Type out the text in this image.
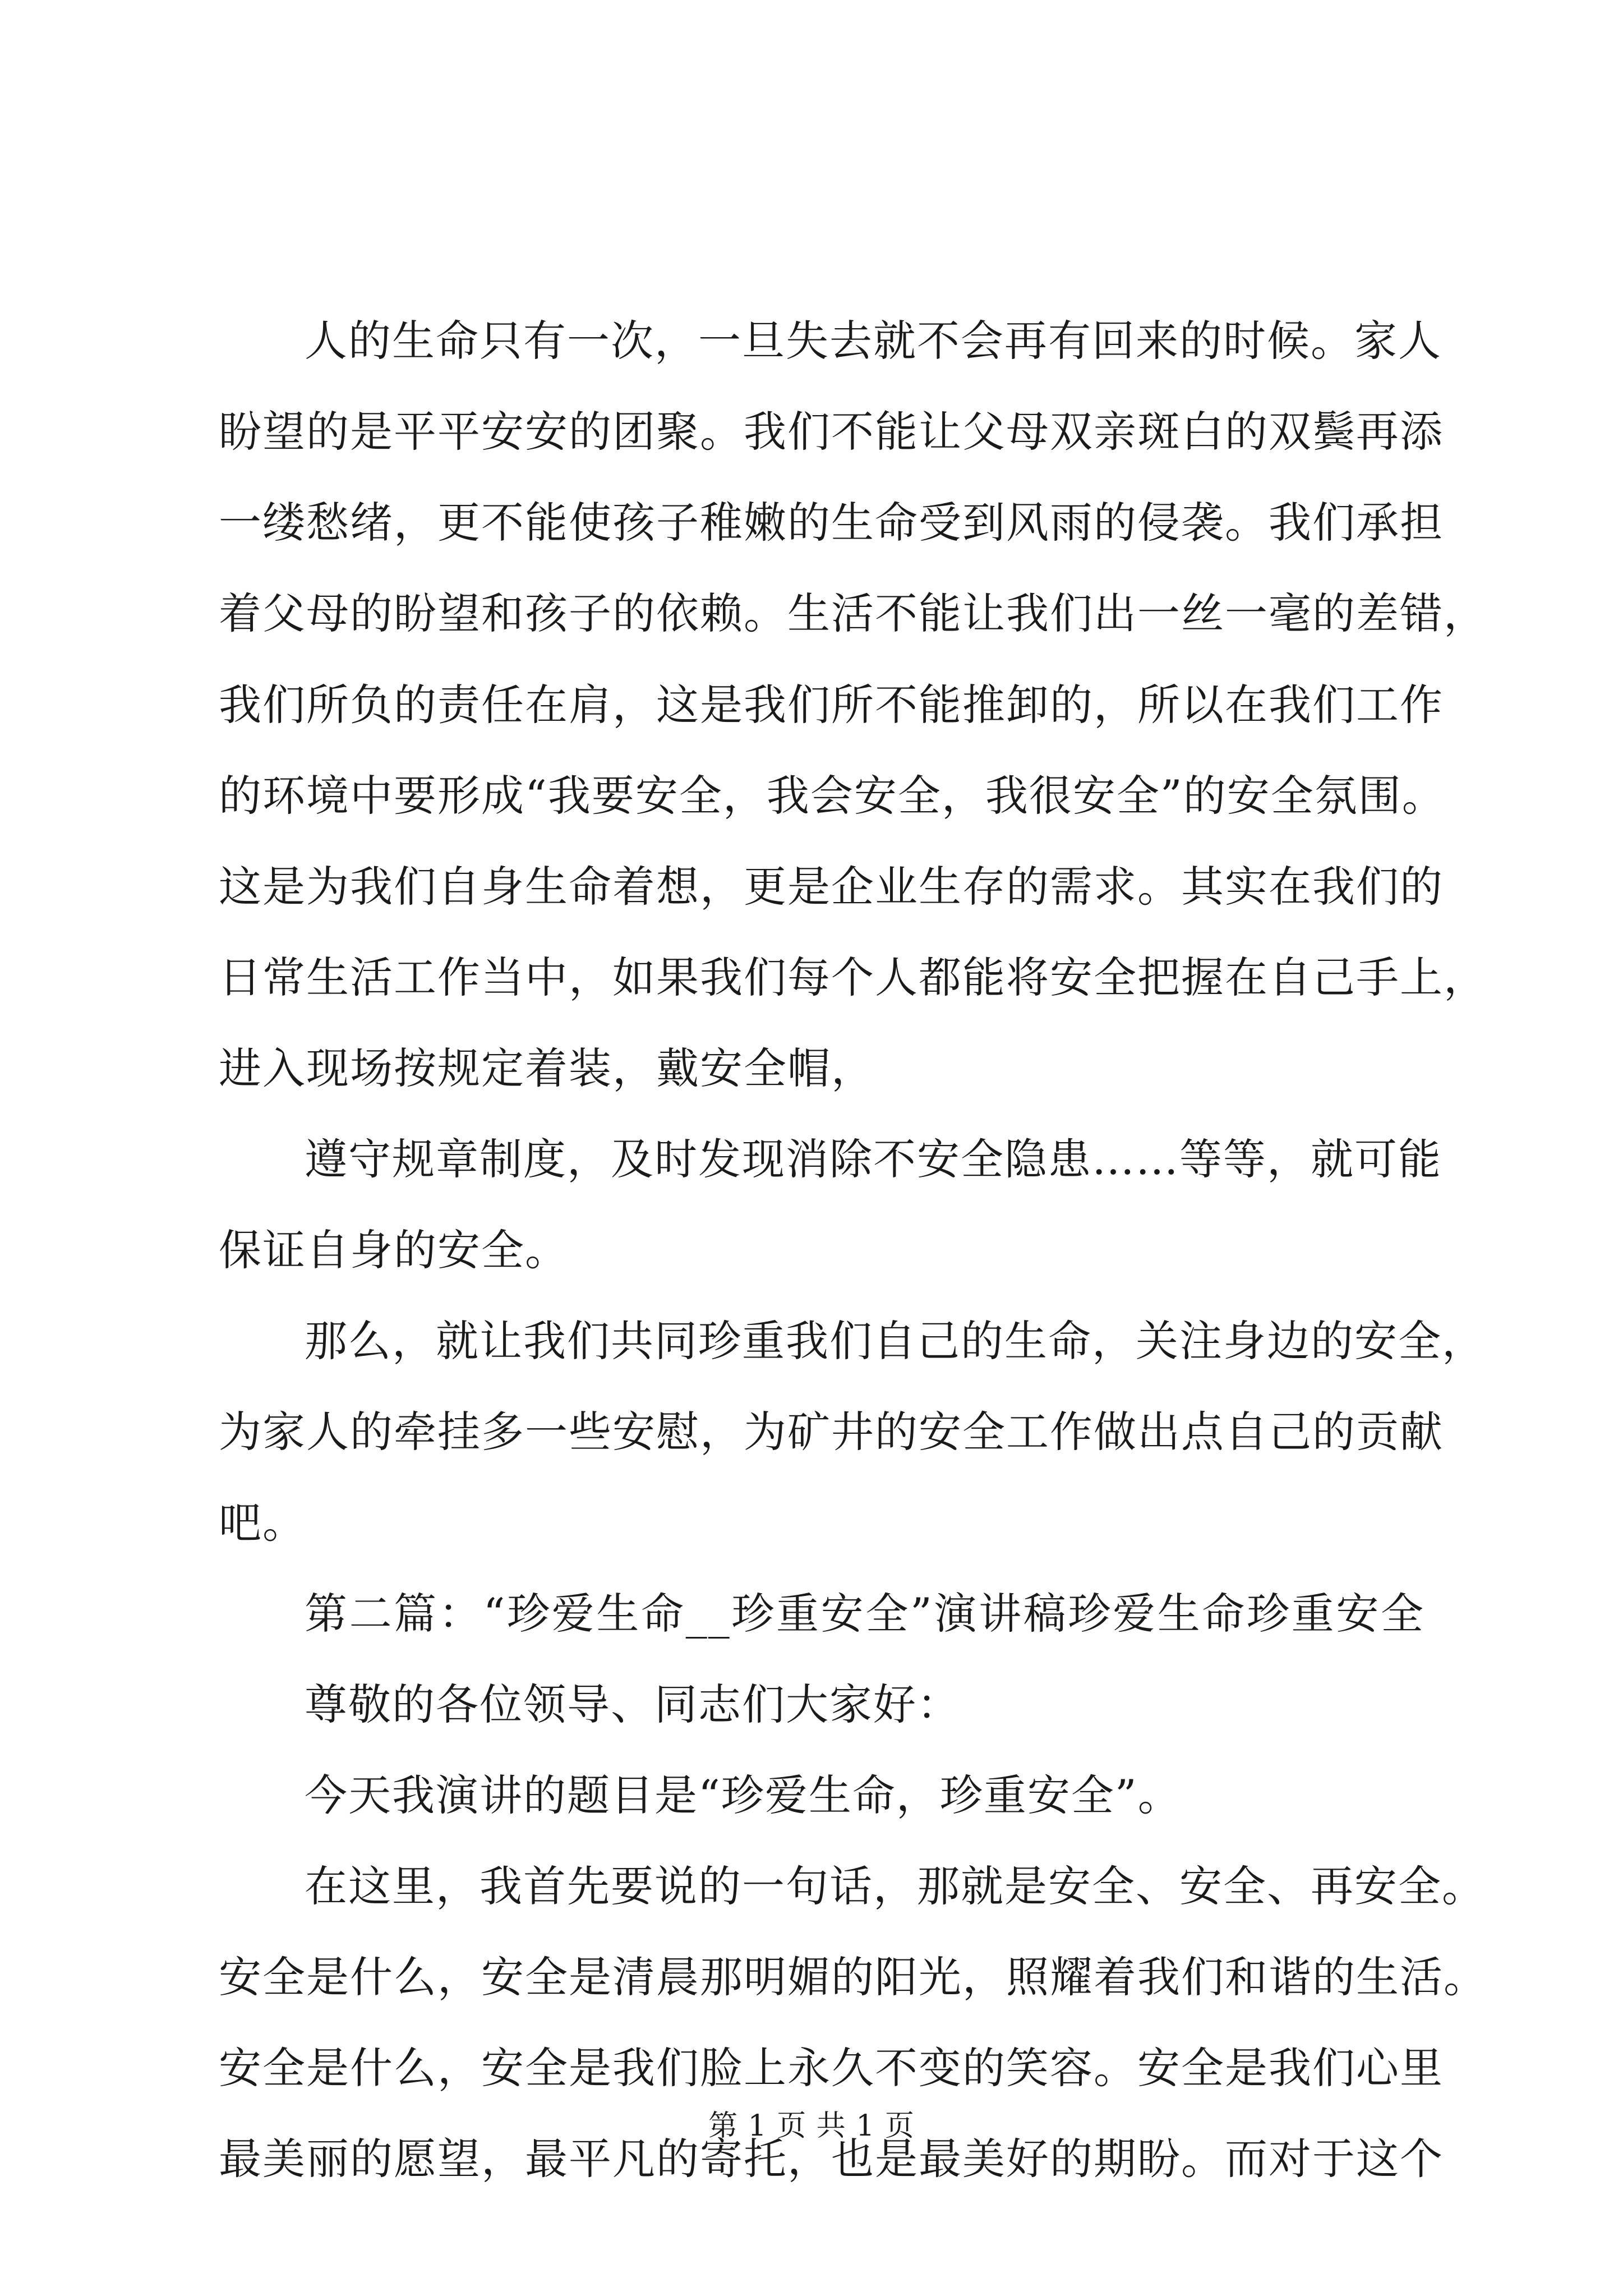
人的生命只有一次，一旦失去就不会再有回来的时候。家人
盼望的是平平安安的团聚。我们不能让父母双亲斑白的双鬓再添
一缕愁绪，更不能使孩子稚嫩的生命受到风雨的侵袭。我们承担
着父母的盼望和孩子的依赖。生活不能让我们出一丝一毫的差错，
我们所负的责任在肩，这是我们所不能推卸的，所以在我们工作
的环境中要形成“我要安全，我会安全，我很安全”的安全氛围。
这是为我们自身生命着想，更是企业生存的需求。其实在我们的
日常生活工作当中，如果我们每个人都能将安全把握在自己手上，
进入现场按规定着装，戴安全帽，
遵守规章制度，及时发现消除不安全隐患……等等，就可能
保证自身的安全。
那么，就让我们共同珍重我们自己的生命，关注身边的安全，
为家人的牵挂多一些安慰，为矿井的安全工作做出点自己的贡献
吧。
第二篇：“珍爱生命__珍重安全”演讲稿珍爱生命珍重安全
尊敬的各位领导、同志们大家好：
今天我演讲的题目是“珍爱生命，珍重安全”。
在这里，我首先要说的一句话，那就是安全、安全、再安全。
安全是什么，安全是清晨那明媚的阳光，照耀着我们和谐的生活。
安全是什么，安全是我们脸上永久不变的笑容。安全是我们心里
最美丽的愿望，最平凡的寄托，也是最美好的期盼。而对于这个
第 1 页 共 1 页
